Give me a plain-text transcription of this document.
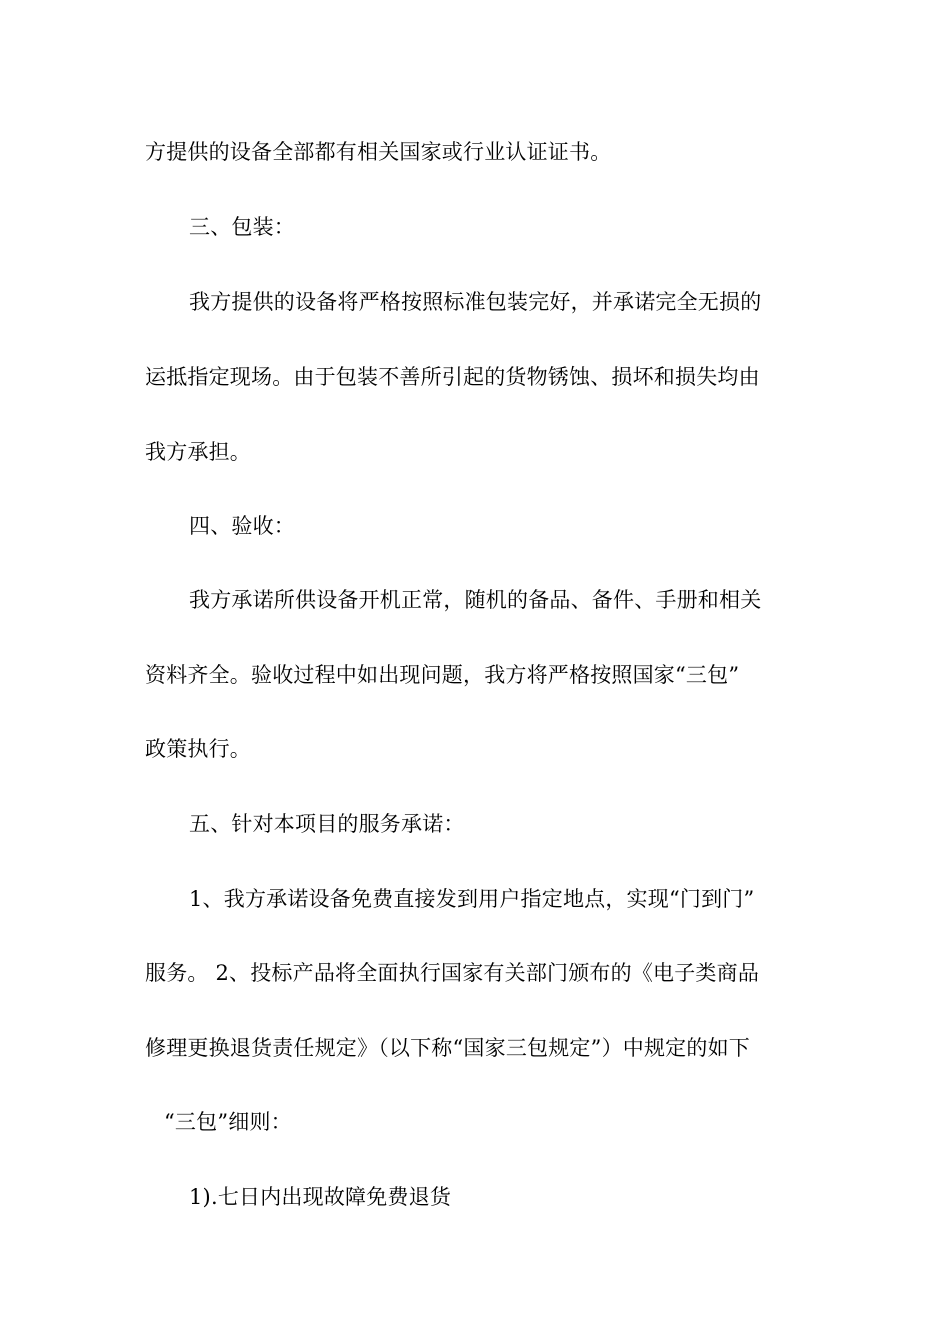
方提供的设备全部都有相关国家或行业认证证书。
三、包装：
我方提供的设备将严格按照标准包装完好，并承诺完全无损的
运抵指定现场。由于包装不善所引起的货物锈蚀、损坏和损失均由
我方承担。
四、验收：
我方承诺所供设备开机正常，随机的备品、备件、手册和相关
资料齐全。验收过程中如出现问题，我方将严格按照国家“三包”
政策执行。
五、针对本项目的服务承诺：
1、我方承诺设备免费直接发到用户指定地点，实现“门到门”
服务。 2、投标产品将全面执行国家有关部门颁布的《电子类商品
修理更换退货责任规定》（以下称“国家三包规定”）中规定的如下
“三包”细则：
1).七日内出现故障免费退货
